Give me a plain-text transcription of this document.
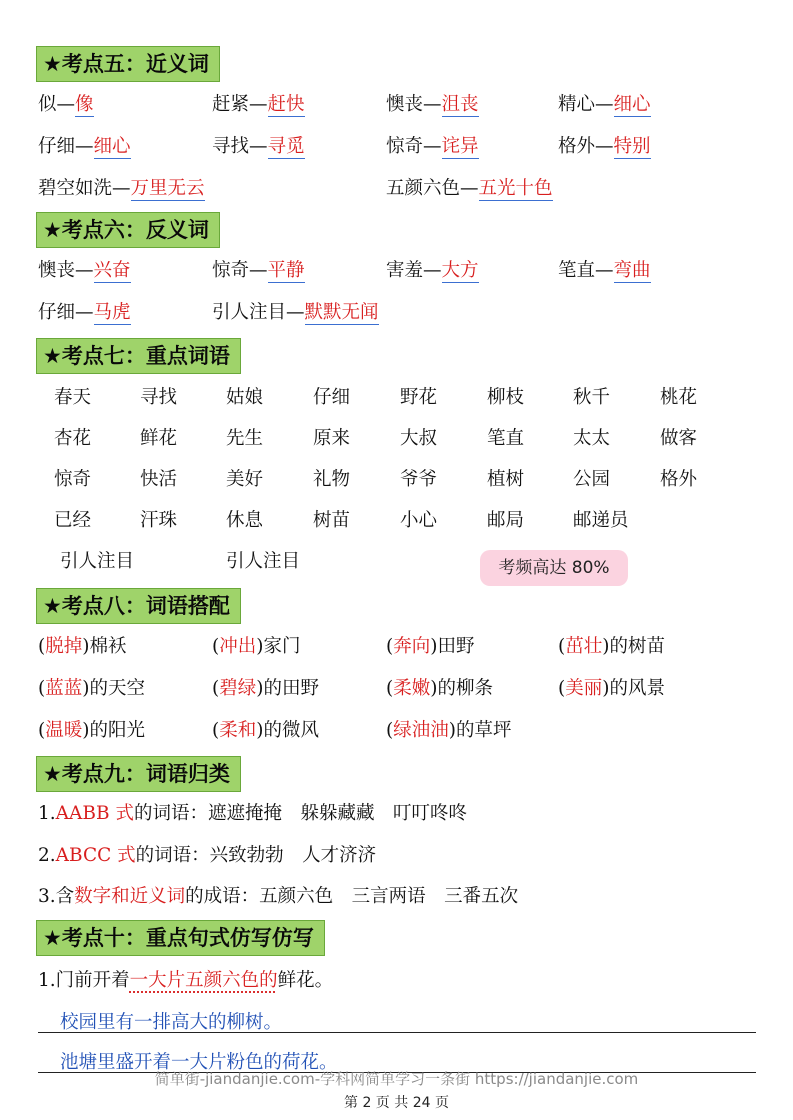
★考点五：近义词
似—像	赶紧—赶快	懊丧—沮丧	精心—细心
仔细—细心	寻找—寻觅	惊奇—诧异	格外—特别
碧空如洗—万里无云	五颜六色—五光十色
★考点六：反义词
懊丧—兴奋	惊奇—平静	害羞—大方	笔直—弯曲
仔细—马虎	引人注目—默默无闻
★考点七：重点词语
春天	寻找	姑娘	仔细	野花	柳枝	秋千	桃花
杏花	鲜花	先生	原来	大叔	笔直	太太	做客
惊奇	快活	美好	礼物	爷爷	植树	公园	格外
已经	汗珠	休息	树苗	小心	邮局	邮递员
引人注目	引人注目	考频高达 80%
★考点八：词语搭配
(脱掉)棉袄	(冲出)家门	(奔向)田野	(茁壮)的树苗
(蓝蓝)的天空	(碧绿)的田野	(柔嫩)的柳条	(美丽)的风景
(温暖)的阳光	(柔和)的微风	(绿油油)的草坪
★考点九：词语归类
1.AABB 式的词语：遮遮掩掩　躲躲藏藏　叮叮咚咚
2.ABCC 式的词语：兴致勃勃　人才济济
3.含数字和近义词的成语：五颜六色　三言两语　三番五次
★考点十：重点句式仿写仿写
1.门前开着一大片五颜六色的鲜花。
校园里有一排高大的柳树。
池塘里盛开着一大片粉色的荷花。
简单街-jiandanjie.com-学科网简单学习一条街 https://jiandanjie.com
第 2 页 共 24 页
